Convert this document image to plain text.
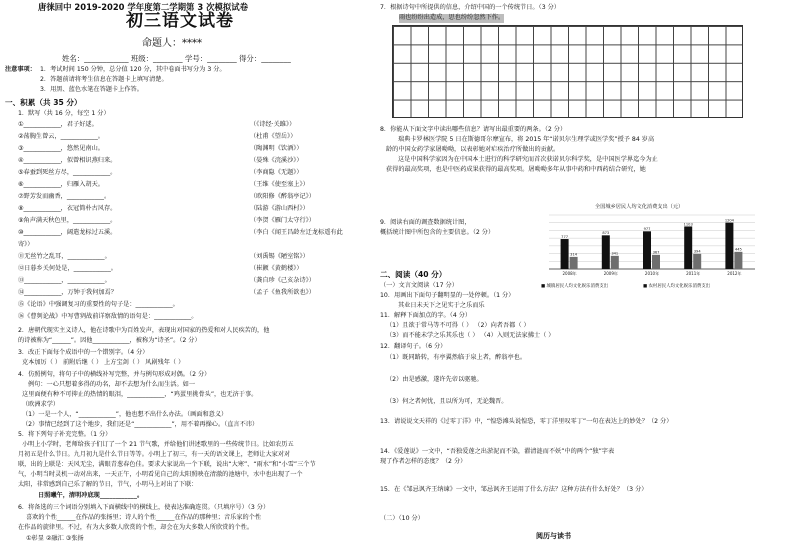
唐徕回中 2019-2020 学年度第二学期第 3 次模拟试卷
初三语文试卷
命题人：****
姓名：____________ 班级：________ 学号：________ 得分：________
注意事项： 1．考试时间 150 分钟，总分值 120 分，其中卷面书写分为 3 分。
2．答题前请将考生信息在答题卡上填写清楚。
3．用黑、蓝色水笔在答题卡上作答。
一、积累（共 35 分）
1．默写（共 16 分，每空 1 分）
①____________，君子好逑。	（《诗经·关雎》）
②荡胸生曾云，____________。	（杜甫《望岳》）
③____________，悠然见南山。	（陶渊明《饮酒》）
④____________，似曾相识燕归来。	（晏殊《浣溪沙》）
⑤春蚕到死丝方尽，____________。	（李商隐《无题》）
⑥____________，归雁入胡天。	（王维《使至塞上》）
⑦野芳发而幽香，____________。	（欧阳修《醉翁亭记》）
⑧____________，衣冠简朴古风存。	（陆游《游山西村》）
⑨角声满天秋色里，____________。	（李贺《雁门太守行》）
⑩____________，阔遣龙标过五溪。	（李白《闻王昌龄左迁龙标遥有此
寄》）
⑪无丝竹之乱耳，____________。	（刘禹锡《陋室铭》）
⑫日暮乡关何处是，____________。	（崔颢《黄鹤楼》）
⑬____________，____________。	（龚自珍《己亥杂诗》）
⑭____________，万钟于我何加焉？	（孟子《鱼我所欲也》）
⑮《论语》中强调复习的重要性的句子是：____________。
⑯《曹刿论战》中写曹刿战前详察敌情的语句是：____________。
2．唐朝代现实主义诗人，他在诗歌中为百姓发声，表现出对国家的热爱和对人民疾苦的，他
的诗被称为“______”。因他____________，被称为“诗圣”。（2 分）
3．改正下面每个成语中的一个错别字。（4 分）
克本加厉（ ） 前附后继（ ） 上方宝剑（ ） 风剧残年（ ）
4．仿照例句，将句子中的横线补写完整，并与例句形成对偶。（2 分）
例句：一心只想着多得的功名，却不去想为什么而生活。如一
这里面便有种不可抑止的热情的眼泪，____________，“鸡蛋里挑骨头”，也无济于事。
（欧洲求学）
（1）一是一个人，“____________”，他也想不出什么办法。（画面和意义）
（2）事情已经到了这个地步，我们还是“____________”，用不着再操心。（直言不讳）
5．将下列句子补充完整。（1 分）
小明上小学时，老师给孩子们订了一个 21 节气歌，并给他们讲述歌里的一些传统节日。比如农历五
月初五是什么节日。九月初九是什么节日等等。小明上了初三，有一天的语文课上，老师让大家对对
联，出的上联是：天风无尘，满眼青葱春色佳。要求大家说出一个下联，说出“大寒”、“雨水”和“小雪”三个节
气，小明当时灵机一动对出来，一天正午，小明看见自己的太阳照映在清澈的池塘中，水中也出现了一个
太阳，非常感到自己乐了解的节日，节气，小明马上对出了下联：
日照曦午，清明冲底现____________。
6．将备选的三个词语分别填入下面横线中的横线上，使表达准确连贯。（只填序号）（3 分）
喜欢的个性______在作品的张扬里；诗人的个性______在作品的那种里；音乐家的个性
在作品的旋律里。不过，有为大多数人欣赏的个性，却会在为大多数人所欣赏的个性。
①彰显 ②融汇 ③张扬
7．根据诗句中所提供的信息，介绍中国的一个传统节日。（3 分）
雨也纷纷出造成，思也纷纷忽然下作。
8．你能从下面文字中读出哪些信息？请写出最重要的两条。（2 分）
瑞典卡罗林医学院 5 日在斯德哥尔摩宣布，将 2015 年“诺贝尔生理学或医学奖”授予 84 岁高
龄的中国女药学家屠呦呦，以表彰她对疟疾治疗所做出的贡献。
这是中国科学家因为在中国本土进行的科学研究而首次获诺贝尔科学奖，是中国医学界迄今为止
获得的最高奖项，也是中医药成果获得的最高奖项。屠呦呦多年从事中药和中西药结合研究，她
9．阅读右面的调查数据统计图，
概括统计图中所包含的主要信息。（2 分）
全国城乡居民人均文化消费支出（元）
777
314
2008年
873
341
2009年
977
367
2010年
1103
394
2011年
1204
445
2012年
■ 城镇居民人均文化娱乐消费支出	■ 农村居民人均文化娱乐消费支出
二、阅读（40 分）
（一）文言文阅读（17 分）
10．用画出下面句子翻明显的一处停顿。（1 分）
其业日未天下之见实于之乐而乐
11．解释下面加点的字。（4 分）
（1）且欲于常马等不可得（ ） （2）向者吾都（ ）
（3）而不能未学之乐其乐也（ ） （4）入则无法家拂士（ ）
12．翻译句子。（6 分）
（1）既同路转，有亭翼然临于泉上者，醉翁亭也。
（2）由是感激，遂许先帝以驱驰。
（3）何之者何忧，且以所为可，无论魏晋。
13．请说说文天祥的《过零丁洋》中，“惶恐滩头说惶恐，零丁洋里叹零丁”一句在表达上的妙处？（2 分）
14．《爱莲说》一文中，“吾独爱莲之出淤泥而不染，濯清涟而不妖”中的两个“独”字表
现了作者怎样的态度？（2 分）
15．在《邹忌讽齐王纳谏》一文中，邹忌讽齐王运用了什么方法？这种方法有什么好处？（3 分）
（二）（10 分）
阅历与读书
